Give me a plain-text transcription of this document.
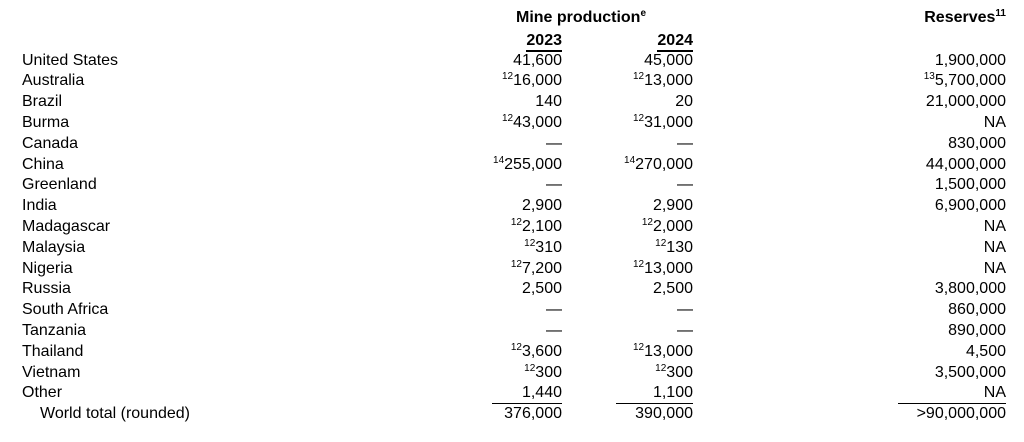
Mine production$^e$	Reserves$^{11}$
2023	2024
United States	41,600	45,000	1,900,000
Australia	$^{12}$16,000	$^{12}$13,000	$^{13}$5,700,000
Brazil	140	20	21,000,000
Burma	$^{12}$43,000	$^{12}$31,000	NA
Canada	—	—	830,000
China	$^{14}$255,000	$^{14}$270,000	44,000,000
Greenland	—	—	1,500,000
India	2,900	2,900	6,900,000
Madagascar	$^{12}$2,100	$^{12}$2,000	NA
Malaysia	$^{12}$310	$^{12}$130	NA
Nigeria	$^{12}$7,200	$^{12}$13,000	NA
Russia	2,500	2,500	3,800,000
South Africa	—	—	860,000
Tanzania	—	—	890,000
Thailand	$^{12}$3,600	$^{12}$13,000	4,500
Vietnam	$^{12}$300	$^{12}$300	3,500,000
Other	1,440	1,100	NA
World total (rounded)	376,000	390,000	>90,000,000
